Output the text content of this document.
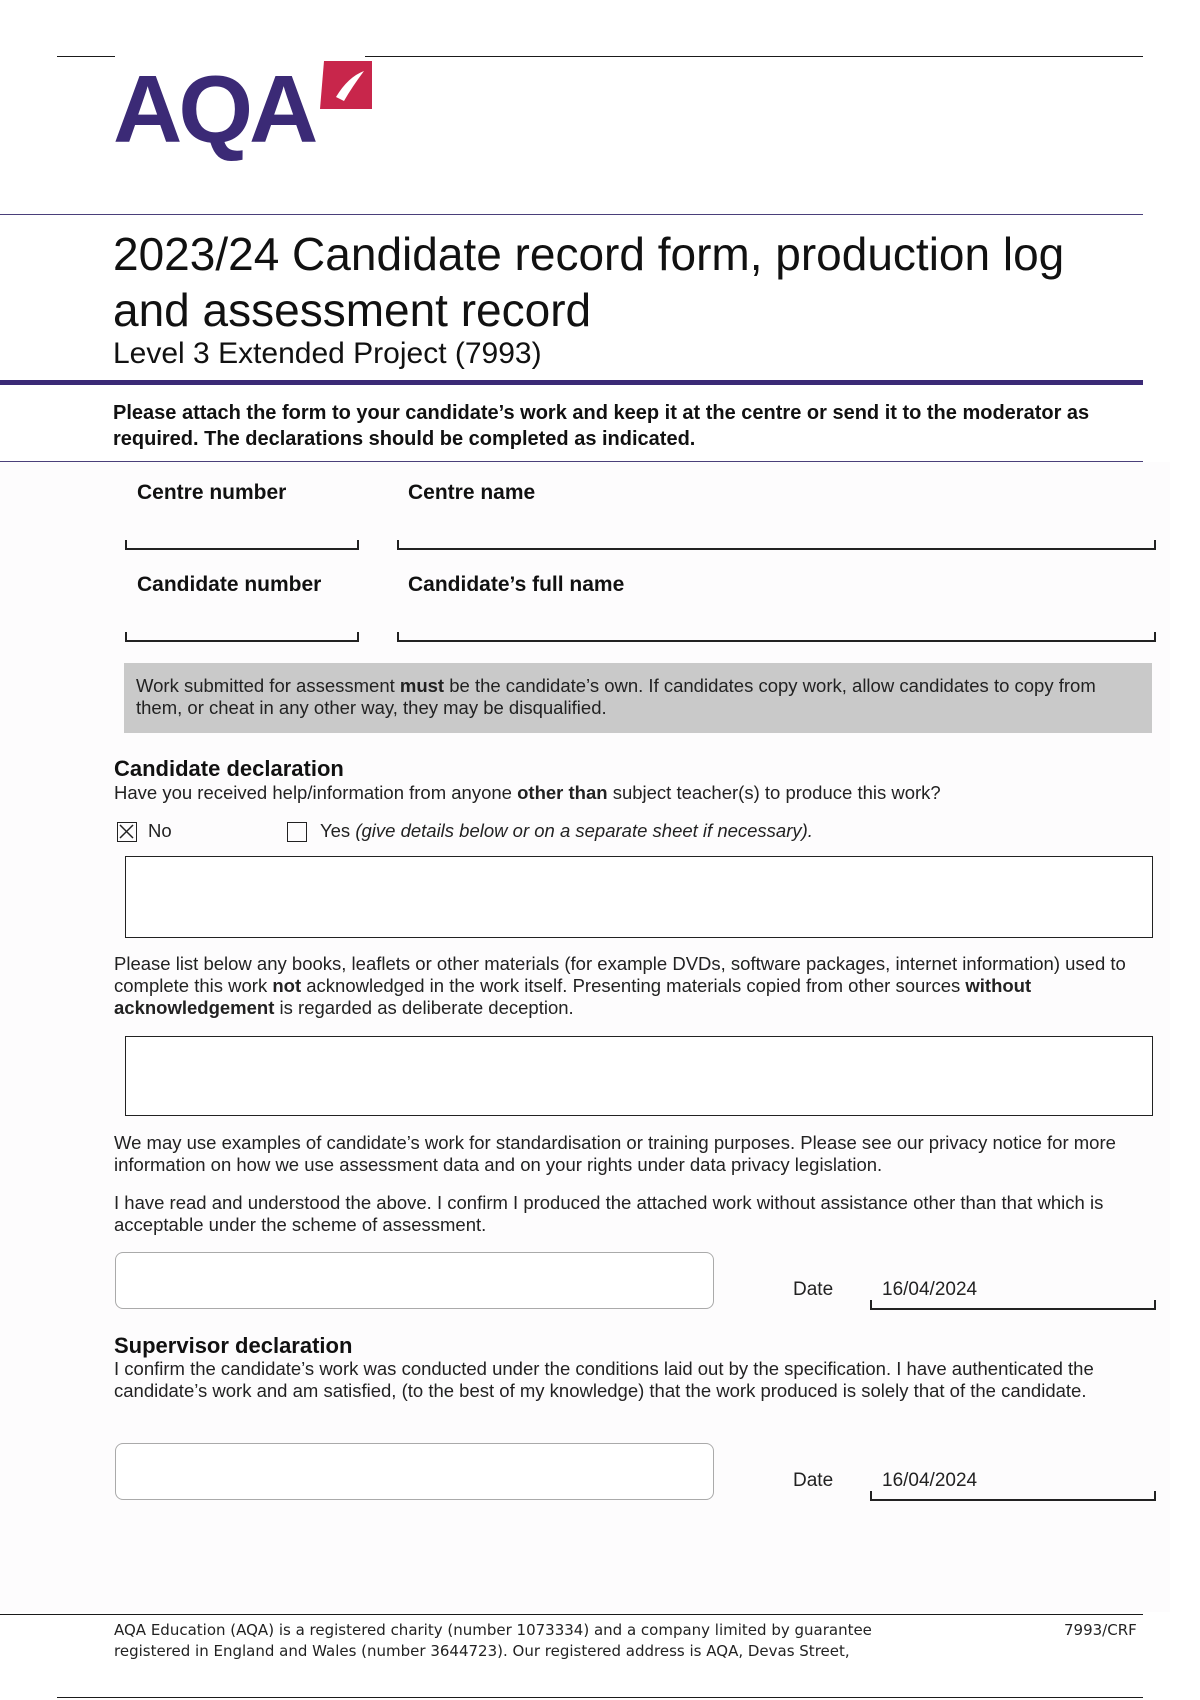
AQA
2023/24 Candidate record form, production log and assessment record
Level 3 Extended Project (7993)
Please attach the form to your candidate’s work and keep it at the centre or send it to the moderator as required. The declarations should be completed as indicated.
Centre number	Centre name
Candidate number	Candidate’s full name
Work submitted for assessment must be the candidate’s own. If candidates copy work, allow candidates to copy from them, or cheat in any other way, they may be disqualified.
Candidate declaration
Have you received help/information from anyone other than subject teacher(s) to produce this work?
No	Yes (give details below or on a separate sheet if necessary).
Please list below any books, leaflets or other materials (for example DVDs, software packages, internet information) used to complete this work not acknowledged in the work itself. Presenting materials copied from other sources without acknowledgement is regarded as deliberate deception.
We may use examples of candidate’s work for standardisation or training purposes. Please see our privacy notice for more information on how we use assessment data and on your rights under data privacy legislation.
I have read and understood the above. I confirm I produced the attached work without assistance other than that which is acceptable under the scheme of assessment.
Date	16/04/2024
Supervisor declaration
I confirm the candidate’s work was conducted under the conditions laid out by the specification. I have authenticated the candidate’s work and am satisfied, (to the best of my knowledge) that the work produced is solely that of the candidate.
Date	16/04/2024
AQA Education (AQA) is a registered charity (number 1073334) and a company limited by guarantee
registered in England and Wales (number 3644723). Our registered address is AQA, Devas Street,
7993/CRF
